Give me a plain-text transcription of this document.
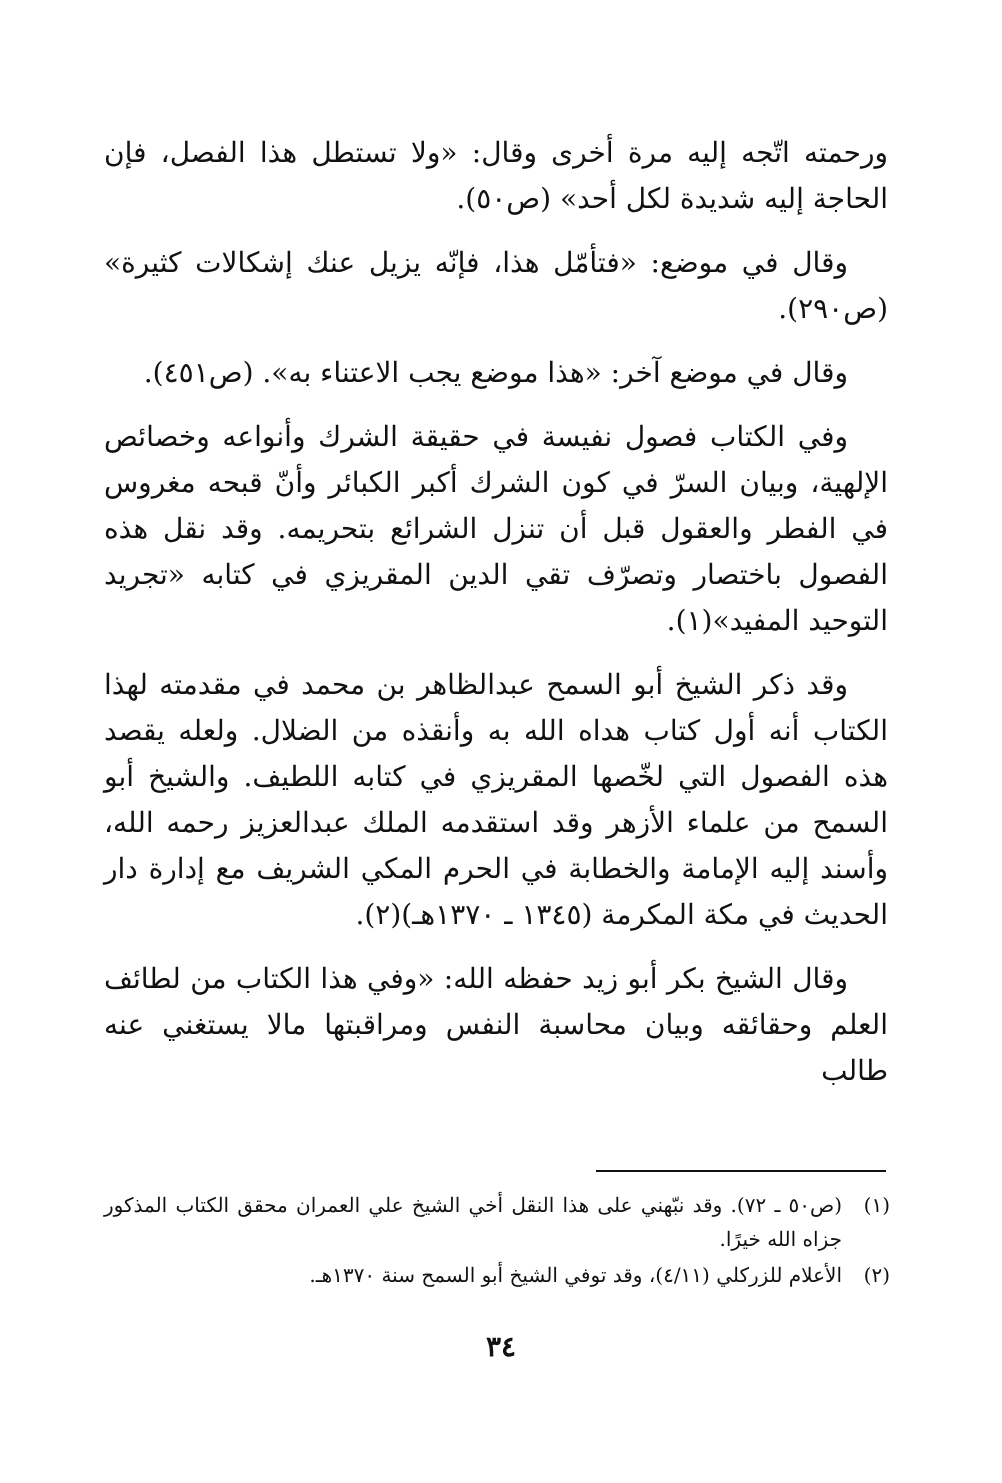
ورحمته اتّجه إليه مرة أخرى وقال: «ولا تستطل هذا الفصل، فإن الحاجة إليه شديدة لكل أحد» (ص٥٠).

وقال في موضع: «فتأمّل هذا، فإنّه يزيل عنك إشكالات كثيرة» (ص٢٩٠).

وقال في موضع آخر: «هذا موضع يجب الاعتناء به». (ص٤٥١).

وفي الكتاب فصول نفيسة في حقيقة الشرك وأنواعه وخصائص الإلهية، وبيان السرّ في كون الشرك أكبر الكبائر وأنّ قبحه مغروس في الفطر والعقول قبل أن تنزل الشرائع بتحريمه. وقد نقل هذه الفصول باختصار وتصرّف تقي الدين المقريزي في كتابه «تجريد التوحيد المفيد»(١).

وقد ذكر الشيخ أبو السمح عبدالظاهر بن محمد في مقدمته لهذا الكتاب أنه أول كتاب هداه الله به وأنقذه من الضلال. ولعله يقصد هذه الفصول التي لخّصها المقريزي في كتابه اللطيف. والشيخ أبو السمح من علماء الأزهر وقد استقدمه الملك عبدالعزيز رحمه الله، وأسند إليه الإمامة والخطابة في الحرم المكي الشريف مع إدارة دار الحديث في مكة المكرمة (١٣٤٥ ـ ١٣٧٠هـ)(٢).

وقال الشيخ بكر أبو زيد حفظه الله: «وفي هذا الكتاب من لطائف العلم وحقائقه وبيان محاسبة النفس ومراقبتها مالا يستغني عنه طالب

(١)
(ص٥٠ ـ ٧٢). وقد نبّهني على هذا النقل أخي الشيخ علي العمران محقق الكتاب المذكور جزاه الله خيرًا.
(٢)
الأعلام للزركلي (٤/١١)، وقد توفي الشيخ أبو السمح سنة ١٣٧٠هـ.
٣٤
